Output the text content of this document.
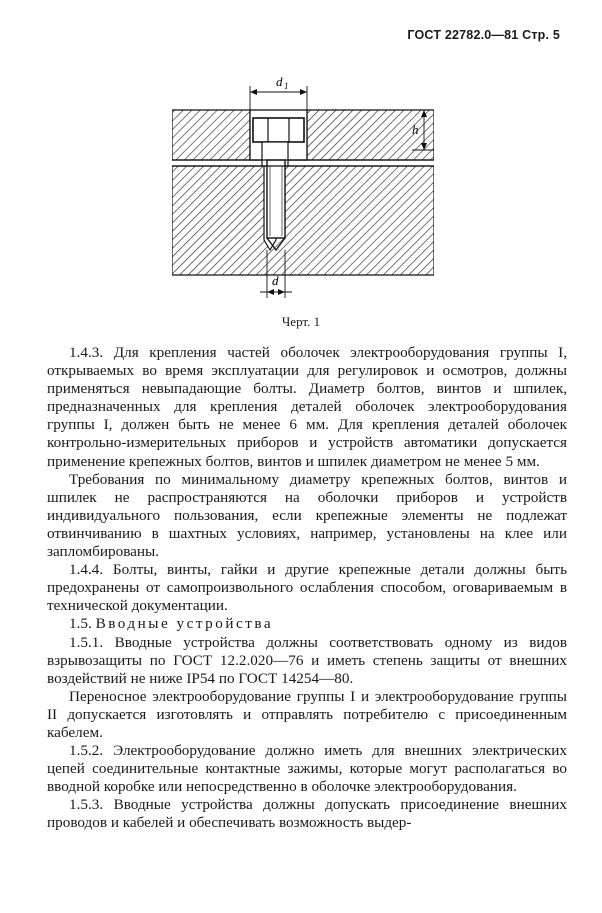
ГОСТ 22782.0—81 Стр. 5
d 1
h
d
Черт. 1

1.4.3. Для крепления частей оболочек электрооборудования группы I, открываемых во время эксплуатации для регулировок и осмотров, должны применяться невыпадающие болты. Диаметр болтов, винтов и шпилек, предназначенных для крепления деталей оболочек электрооборудования группы I, должен быть не менее 6 мм. Для крепления деталей оболочек контрольно-измерительных приборов и устройств автоматики допускается применение крепежных болтов, винтов и шпилек диаметром не менее 5 мм.

Требования по минимальному диаметру крепежных болтов, винтов и шпилек не распространяются на оболочки приборов и устройств индивидуального пользования, если крепежные элементы не подлежат отвинчиванию в шахтных условиях, например, установлены на клее или запломбированы.

1.4.4. Болты, винты, гайки и другие крепежные детали должны быть предохранены от самопроизвольного ослабления способом, оговариваемым в технической документации.

1.5. Вводные устройства

1.5.1. Вводные устройства должны соответствовать одному из видов взрывозащиты по ГОСТ 12.2.020—76 и иметь степень защиты от внешних воздействий не ниже IP54 по ГОСТ 14254—80.

Переносное электрооборудование группы I и электрооборудование группы II допускается изготовлять и отправлять потребителю с присоединенным кабелем.

1.5.2. Электрооборудование должно иметь для внешних электрических цепей соединительные контактные зажимы, которые могут располагаться во вводной коробке или непосредственно в оболочке электрооборудования.

1.5.3. Вводные устройства должны допускать присоединение внешних проводов и кабелей и обеспечивать возможность выдер-
